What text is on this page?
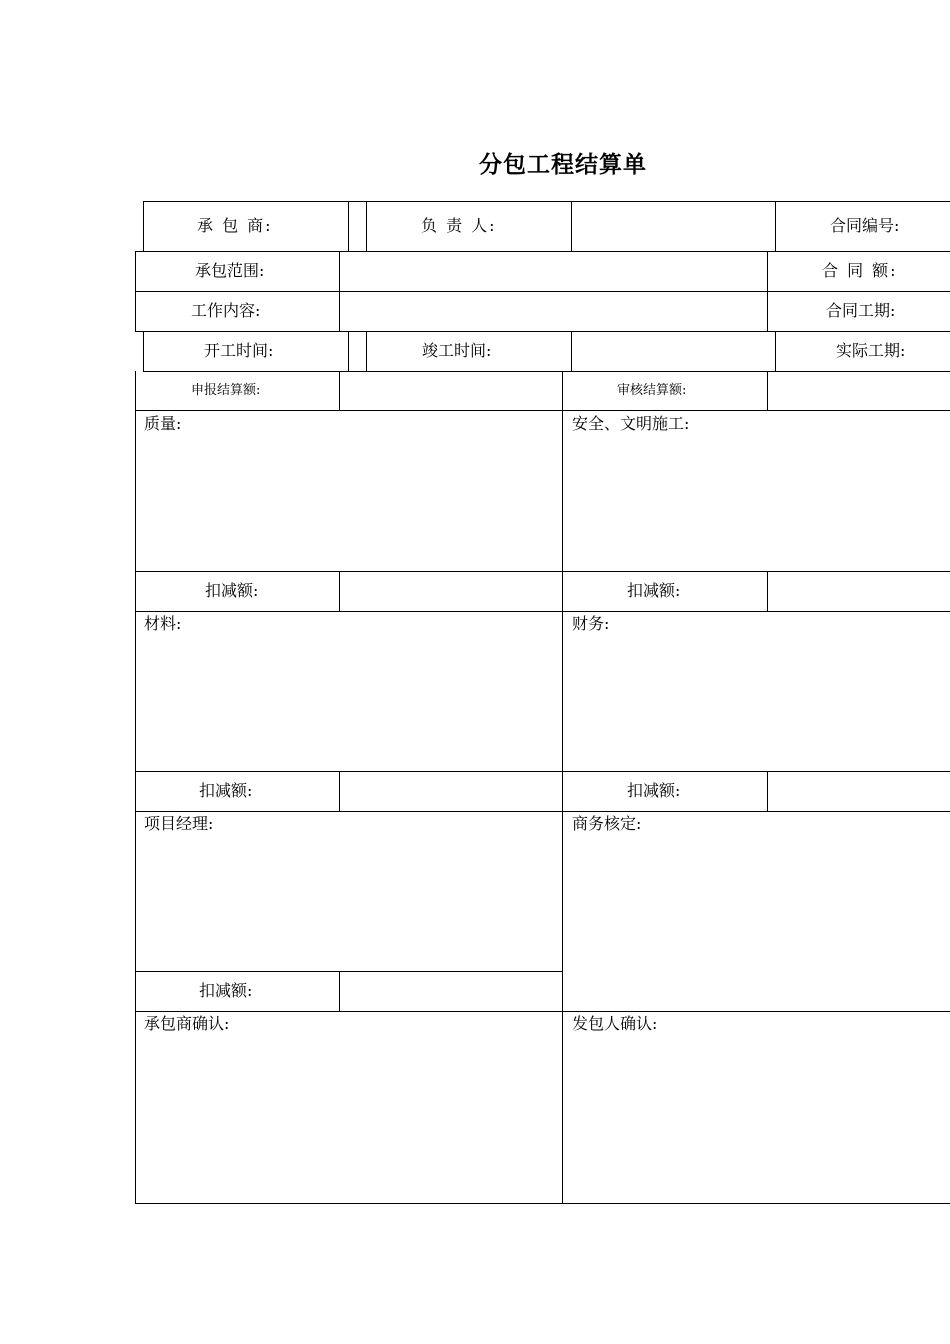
分包工程结算单
承 包 商:	负 责 人:	合同编号:
承包范围:	合 同 额:
工作内容:	合同工期:
开工时间:	竣工时间:	实际工期:
申报结算额:	审核结算额:
质量:	安全、文明施工:
扣减额:	扣减额:
材料:	财务:
扣减额:	扣减额:
项目经理:	商务核定:
扣减额:
承包商确认:	发包人确认:
